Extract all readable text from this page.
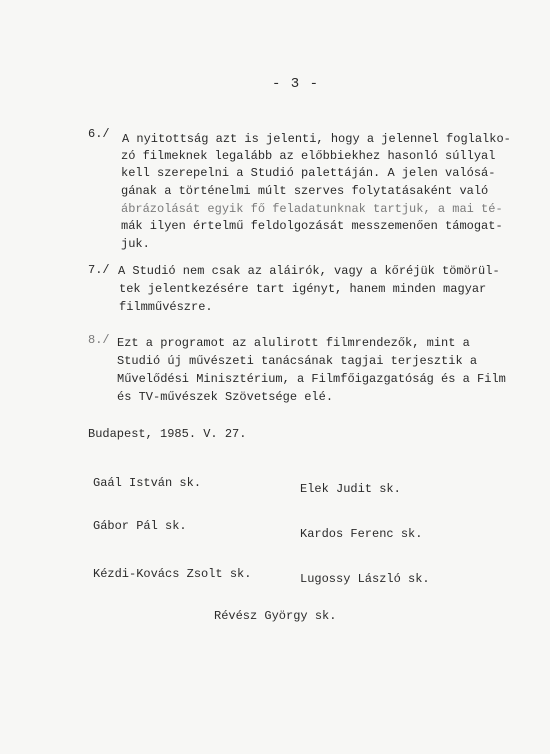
- 3 -
6./ A nyitottság azt is jelenti, hogy a jelennel foglalko-
zó filmeknek legalább az előbbiekhez hasonló súllyal
kell szerepelni a Studió palettáján. A jelen valósá-
gának a történelmi múlt szerves folytatásaként való
ábrázolását egyik fő feladatunknak tartjuk, a mai té-
mák ilyen értelmű feldolgozását messzemenően támogat-
juk.
7./ A Studió nem csak az aláirók, vagy a kőréjük tömörül-
tek jelentkezésére tart igényt, hanem minden magyar
filmművészre.
8./ Ezt a programot az alulirott filmrendezők, mint a
Studió új művészeti tanácsának tagjai terjesztik a
Művelődési Minisztérium, a Filmfőigazgatóság és a Film
és TV-művészek Szövetsége elé.
Budapest, 1985. V. 27.
Gaál István sk.
Gábor Pál sk.
Kézdi-Kovács Zsolt sk.
Elek Judit sk.
Kardos Ferenc sk.
Lugossy László sk.
Révész György sk.
